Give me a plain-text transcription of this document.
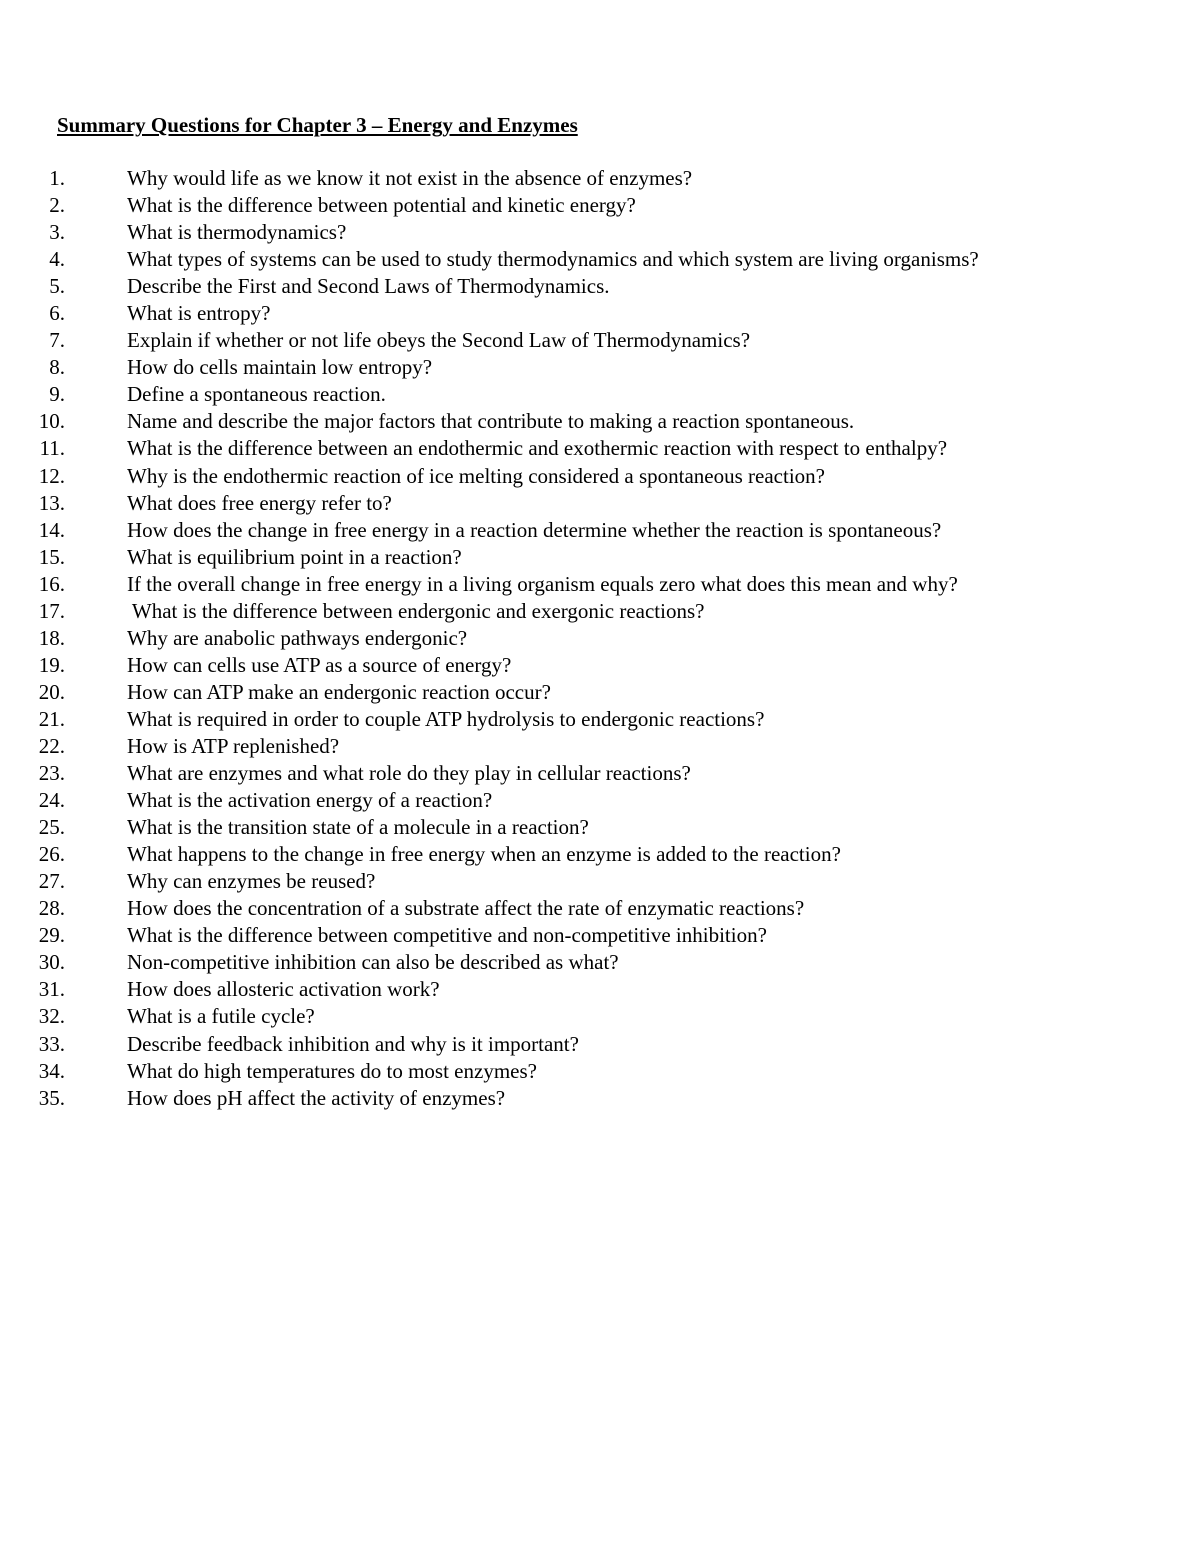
Summary Questions for Chapter 3 – Energy and Enzymes
1.	Why would life as we know it not exist in the absence of enzymes?
2.	What is the difference between potential and kinetic energy?
3.	What is thermodynamics?
4.	What types of systems can be used to study thermodynamics and which system are living organisms?
5.	Describe the First and Second Laws of Thermodynamics.
6.	What is entropy?
7.	Explain if whether or not life obeys the Second Law of Thermodynamics?
8.	How do cells maintain low entropy?
9.	Define a spontaneous reaction.
10.	Name and describe the major factors that contribute to making a reaction spontaneous.
11.	What is the difference between an endothermic and exothermic reaction with respect to enthalpy?
12.	Why is the endothermic reaction of ice melting considered a spontaneous reaction?
13.	What does free energy refer to?
14.	How does the change in free energy in a reaction determine whether the reaction is spontaneous?
15.	What is equilibrium point in a reaction?
16.	If the overall change in free energy in a living organism equals zero what does this mean and why?
17.	What is the difference between endergonic and exergonic reactions?
18.	Why are anabolic pathways endergonic?
19.	How can cells use ATP as a source of energy?
20.	How can ATP make an endergonic reaction occur?
21.	What is required in order to couple ATP hydrolysis to endergonic reactions?
22.	How is ATP replenished?
23.	What are enzymes and what role do they play in cellular reactions?
24.	What is the activation energy of a reaction?
25.	What is the transition state of a molecule in a reaction?
26.	What happens to the change in free energy when an enzyme is added to the reaction?
27.	Why can enzymes be reused?
28.	How does the concentration of a substrate affect the rate of enzymatic reactions?
29.	What is the difference between competitive and non-competitive inhibition?
30.	Non-competitive inhibition can also be described as what?
31.	How does allosteric activation work?
32.	What is a futile cycle?
33.	Describe feedback inhibition and why is it important?
34.	What do high temperatures do to most enzymes?
35.	How does pH affect the activity of enzymes?
